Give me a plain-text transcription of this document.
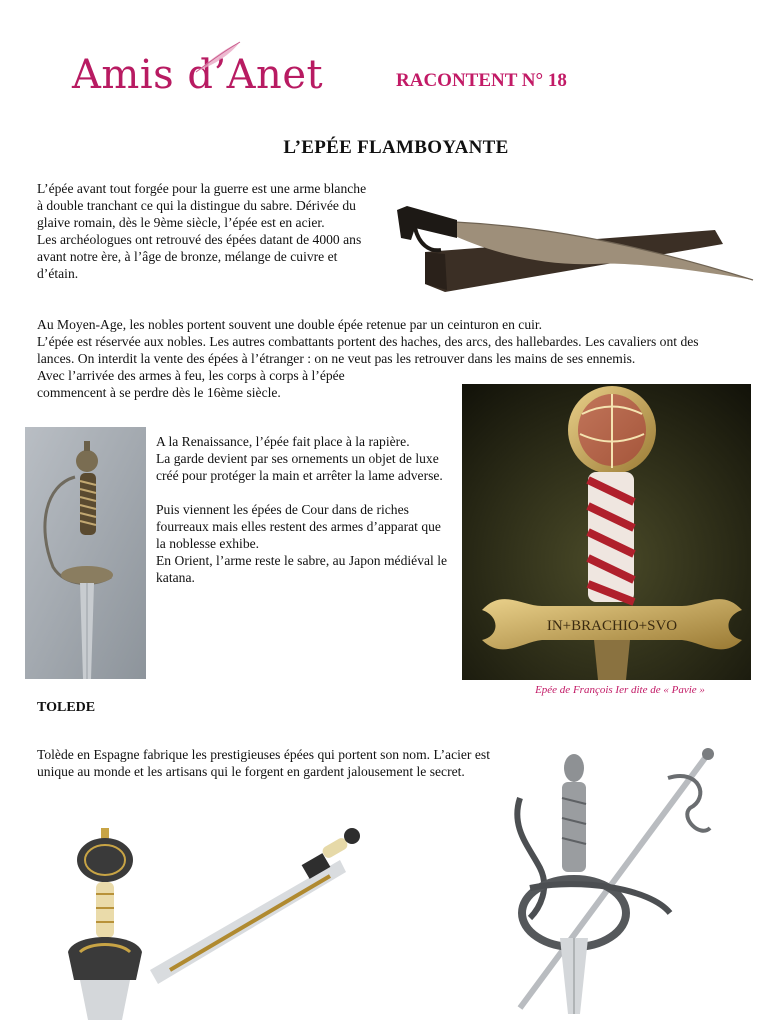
Amis d’Anet	RACONTENT N° 18
L’EPÉE FLAMBOYANTE

L’épée avant tout forgée pour la guerre est une arme blanche à double tranchant ce qui la distingue du sabre. Dérivée du glaive romain, dès le 9ème siècle, l’épée est en acier.

Les archéologues ont retrouvé des épées datant de 4000 ans avant notre ère, à l’âge de bronze, mélange de cuivre et d’étain.

Au Moyen-Age, les nobles portent souvent une double épée retenue par un ceinturon en cuir.

L’épée est réservée aux nobles. Les autres combattants portent des haches, des arcs, des hallebardes. Les cavaliers ont des lances. On interdit la vente des épées à l’étranger : on ne veut pas les retrouver dans les mains de ses ennemis.

Avec l’arrivée des armes à feu, les corps à corps à l’épée commencent à se perdre dès le 16ème siècle.

A la Renaissance, l’épée fait place à la rapière.

La garde devient par ses ornements un objet de luxe créé pour protéger la main et arrêter la lame adverse.

Puis viennent les épées de Cour dans de riches fourreaux mais elles restent des armes d’apparat que la noblesse exhibe.

En Orient, l’arme reste le sabre, au Japon médiéval le katana.

IN+BRACHIO+SVO
Epée de François Ier dite de « Pavie »
TOLEDE

Tolède en Espagne fabrique les prestigieuses épées qui portent son nom. L’acier est unique au monde et les artisans qui le forgent en gardent jalousement le secret.
